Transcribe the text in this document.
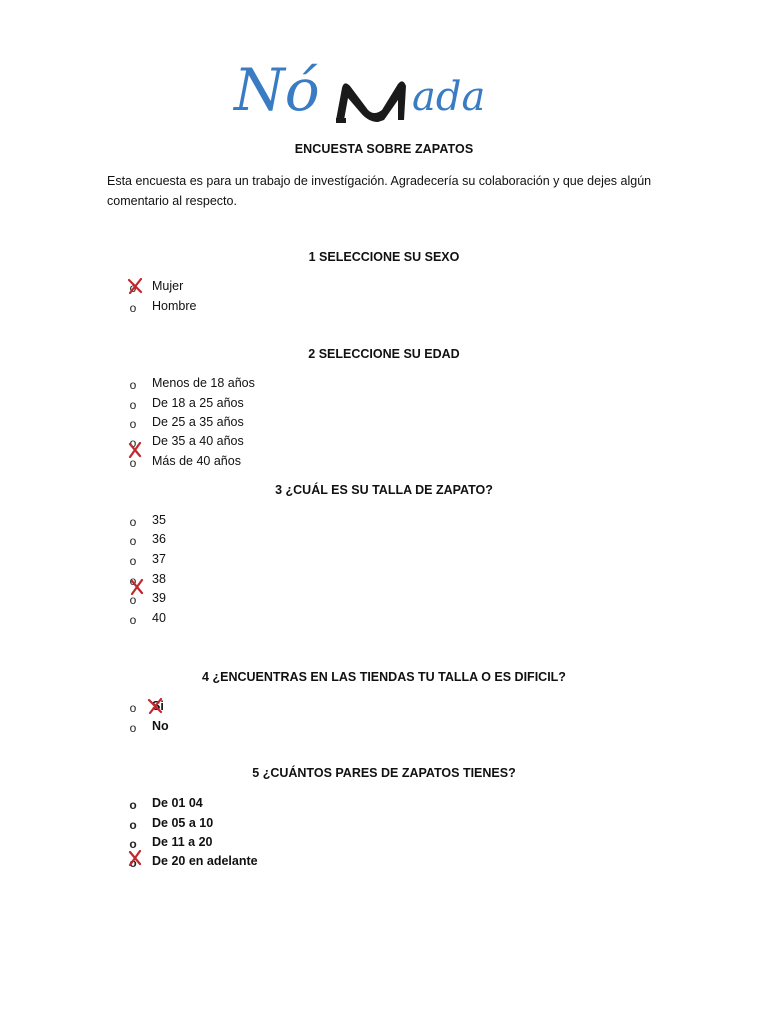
Nó ada
ENCUESTA SOBRE ZAPATOS

Esta encuesta es para un trabajo de investígación. Agradecería su colaboración y que dejes algún

comentario al respecto.

1 SELECCIONE SU SEXO
o Mujer
o Hombre
2 SELECCIONE SU EDAD
o Menos de 18 años
o De 18 a 25 años
o De 25 a 35 años
o De 35 a 40 años
o Más de 40 años
3 ¿CUÁL ES SU TALLA DE ZAPATO?
o 35
o 36
o 37
o 38
o 39
o 40
4 ¿ENCUENTRAS EN LAS TIENDAS TU TALLA O ES DIFICIL?
o Si
o No
5 ¿CUÁNTOS PARES DE ZAPATOS TIENES?
o De 01 04
o De 05 a 10
o De 11 a 20
o De 20 en adelante
